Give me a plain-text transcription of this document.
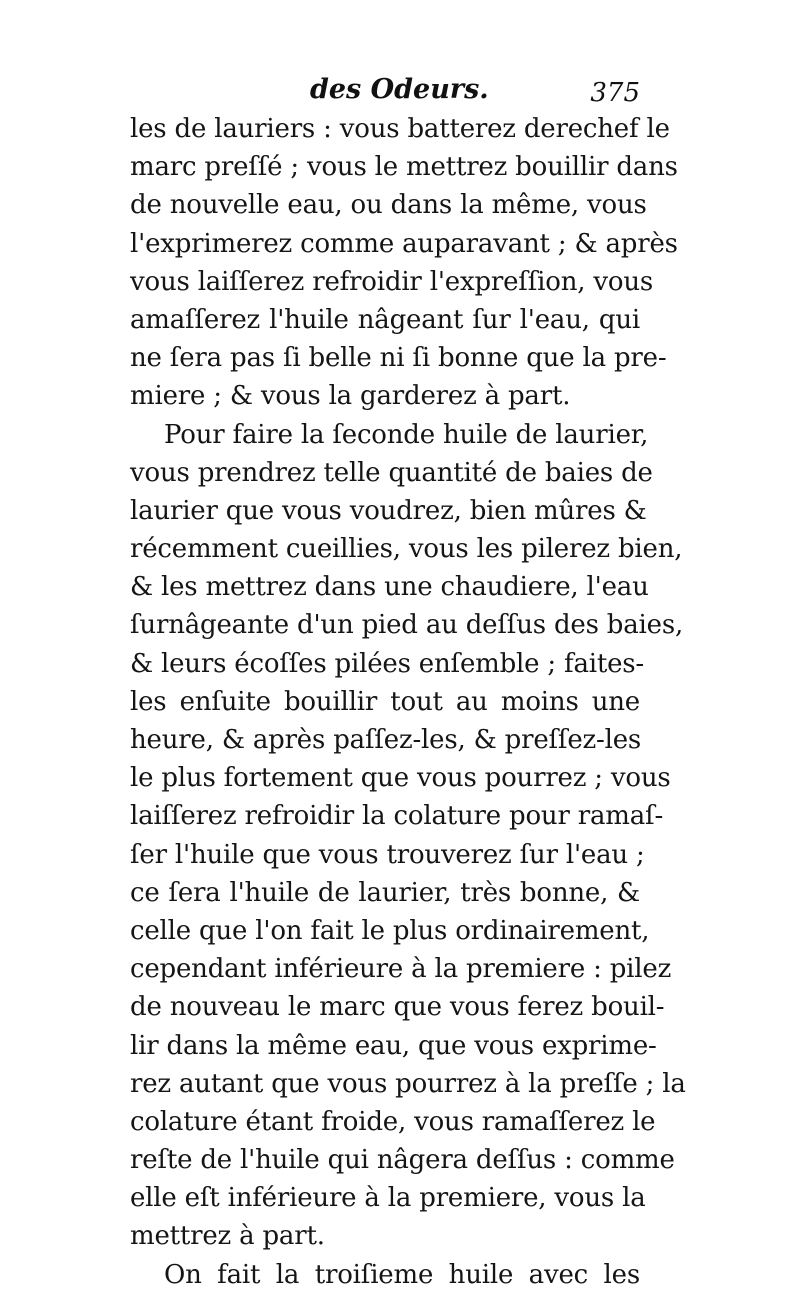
des Odeurs.	375
les de lauriers : vous batterez derechef le
marc preſſé ; vous le mettrez bouillir dans
de nouvelle eau, ou dans la même, vous
l'exprimerez comme auparavant ; & après
vous laiſſerez refroidir l'expreſſion, vous
amaſſerez l'huile nâgeant ſur l'eau, qui
ne ſera pas ſi belle ni ſi bonne que la pre-
miere ; & vous la garderez à part.
Pour faire la ſeconde huile de laurier,
vous prendrez telle quantité de baies de
laurier que vous voudrez, bien mûres &
récemment cueillies, vous les pilerez bien,
& les mettrez dans une chaudiere, l'eau
ſurnâgeante d'un pied au deſſus des baies,
& leurs écoſſes pilées enſemble ; faites-
les enſuite bouillir tout au moins une
heure, & après paſſez-les, & preſſez-les
le plus fortement que vous pourrez ; vous
laiſſerez refroidir la colature pour ramaſ-
ſer l'huile que vous trouverez ſur l'eau ;
ce ſera l'huile de laurier, très bonne, &
celle que l'on fait le plus ordinairement,
cependant inférieure à la premiere : pilez
de nouveau le marc que vous ferez bouil-
lir dans la même eau, que vous exprime-
rez autant que vous pourrez à la preſſe ; la
colature étant froide, vous ramaſſerez le
reſte de l'huile qui nâgera deſſus : comme
elle eſt inférieure à la premiere, vous la
mettrez à part.
On fait la troiſieme huile avec les
